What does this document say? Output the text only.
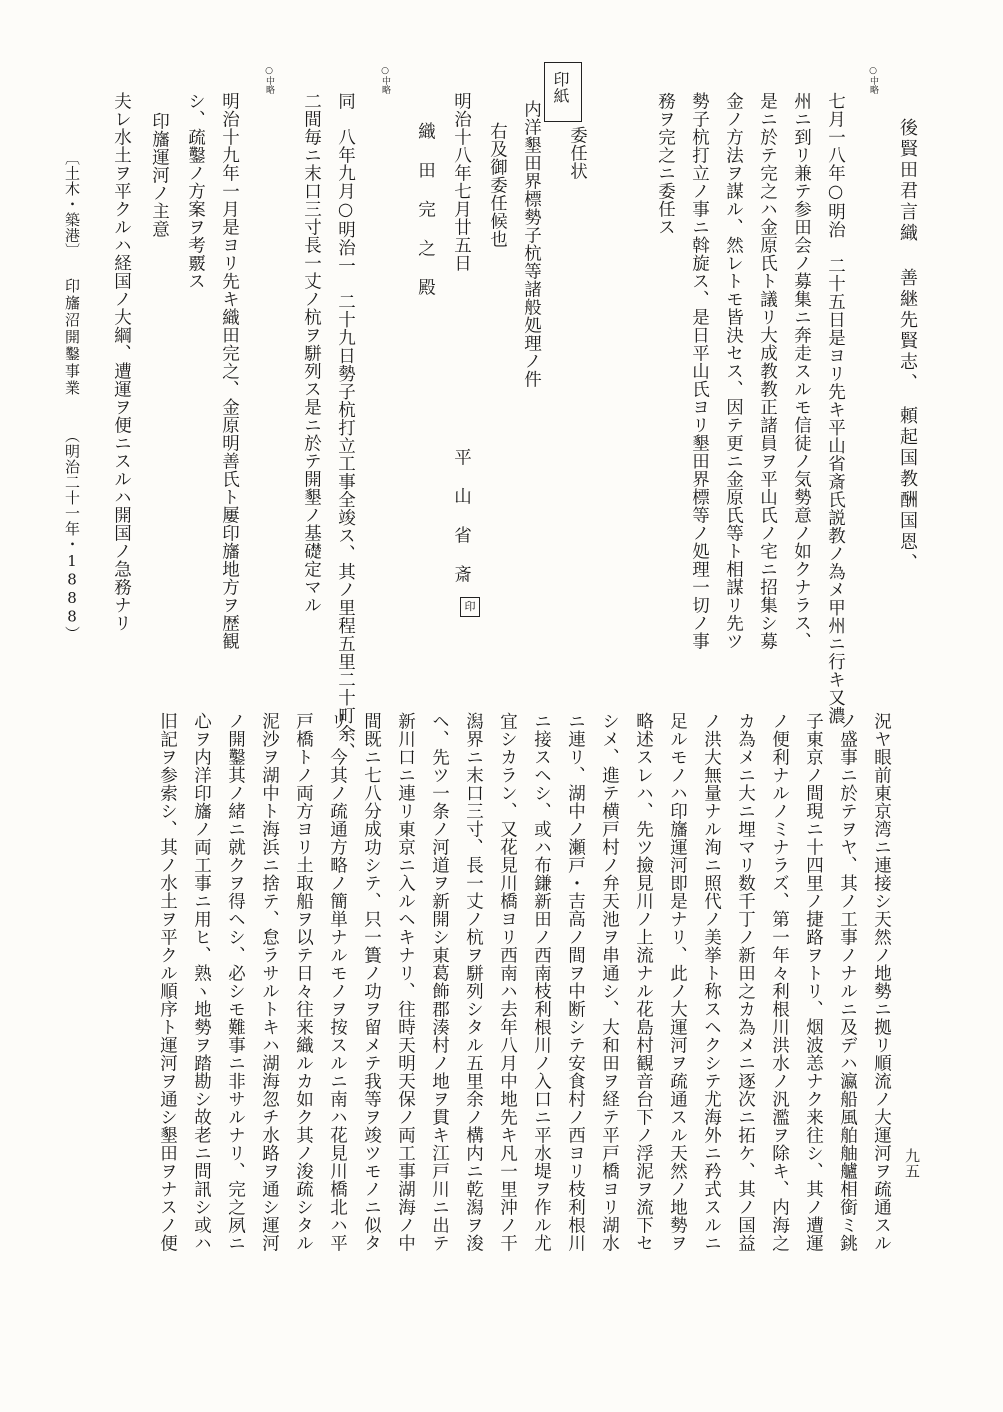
○中略
後賢田君言織 善継先賢志、　頼起国教酬国恩、
七月一八年○明治　二十五日是ヨリ先キ平山省斎氏説教ノ為メ甲州ニ行キ又濃
州ニ到リ兼テ参田会ノ募集ニ奔走スルモ信徒ノ気勢意ノ如クナラス、
是ニ於テ完之ハ金原氏ト議リ大成教教正諸員ヲ平山氏ノ宅ニ招集シ募
金ノ方法ヲ謀ル、然レトモ皆決セス、因テ更ニ金原氏等ト相謀リ先ツ
勢子杭打立ノ事ニ斡旋ス、是日平山氏ヨリ墾田界標等ノ処理一切ノ事
務ヲ完之ニ委任ス
印紙
委任状
内洋墾田界標勢子杭等諸般処理ノ件
右及御委任候也
明治十八年七月廿五日
平　山　省　斎
印
織　田　完　之　殿
○中略
同　八年九月○明治一　二十九日勢子杭打立工事全竣ス、其ノ里程五里二十町余、
二間毎ニ末口三寸長一丈ノ杭ヲ駢列ス是ニ於テ開墾ノ基礎定マル
○中略
明治十九年一月是ヨリ先キ織田完之、金原明善氏ト屢印旛地方ヲ歴観
シ、疏鑿ノ方案ヲ考覈ス
印旛運河ノ主意
夫レ水土ヲ平クルハ経国ノ大綱、遭運ヲ便ニスルハ開国ノ急務ナリ
況ヤ眼前東京湾ニ連接シ天然ノ地勢ニ拠リ順流ノ大運河ヲ疏通スル
ノ盛事ニ於テヲヤ、其ノ工事ノナルニ及デハ瀛船風舶舳艫相銜ミ銚
子東京ノ間現ニ十四里ノ捷路ヲトリ、烟波恙ナク来往シ、其ノ遭運
ノ便利ナルノミナラズ、第一年々利根川洪水ノ汎濫ヲ除キ、内海之
カ為メニ大ニ埋マリ数千丁ノ新田之カ為メニ逐次ニ拓ケ、其ノ国益
ノ洪大無量ナル洵ニ照代ノ美挙ト称スヘクシテ尤海外ニ矜式スルニ
足ルモノハ印旛運河即是ナリ、此ノ大運河ヲ疏通スル天然ノ地勢ヲ
略述スレハ、先ツ撿見川ノ上流ナル花島村観音台下ノ浮泥ヲ流下セ
シメ、進テ横戸村ノ弁天池ヲ串通シ、大和田ヲ経テ平戸橋ヨリ湖水
ニ連リ、湖中ノ瀬戸・吉高ノ間ヲ中断シテ安食村ノ西ヨリ枝利根川
ニ接スヘシ、或ハ布鎌新田ノ西南枝利根川ノ入口ニ平水堤ヲ作ル尤
宜シカラン、又花見川橋ヨリ西南ハ去年八月中地先キ凡一里沖ノ干
潟界ニ末口三寸、長一丈ノ杭ヲ駢列シタル五里余ノ構内ニ乾潟ヲ浚
ヘ、先ツ一条ノ河道ヲ新開シ東葛飾郡湊村ノ地ヲ貫キ江戸川ニ出テ
新川口ニ連リ東京ニ入ルヘキナリ、往時天明天保ノ両工事湖海ノ中
間既ニ七八分成功シテ、只一簣ノ功ヲ留メテ我等ヲ竣ツモノニ似タ
リ、今其ノ疏通方略ノ簡単ナルモノヲ按スルニ南ハ花見川橋北ハ平
戸橋トノ両方ヨリ土取船ヲ以テ日々往来織ルカ如ク其ノ浚疏シタル
泥沙ヲ湖中ト海浜ニ捨テ、怠ラサルトキハ湖海忽チ水路ヲ通シ運河
ノ開鑿其ノ緒ニ就クヲ得ヘシ、必シモ難事ニ非サルナリ、完之夙ニ
心ヲ内洋印旛ノ両工事ニ用ヒ、熟ヽ地勢ヲ踏勘シ故老ニ問訊シ或ハ
旧記ヲ参索シ、其ノ水土ヲ平クル順序ト運河ヲ通シ墾田ヲナスノ便
〔土木・築港〕
印旛沼開鑿事業
（明治二十一年・1888）
九五
